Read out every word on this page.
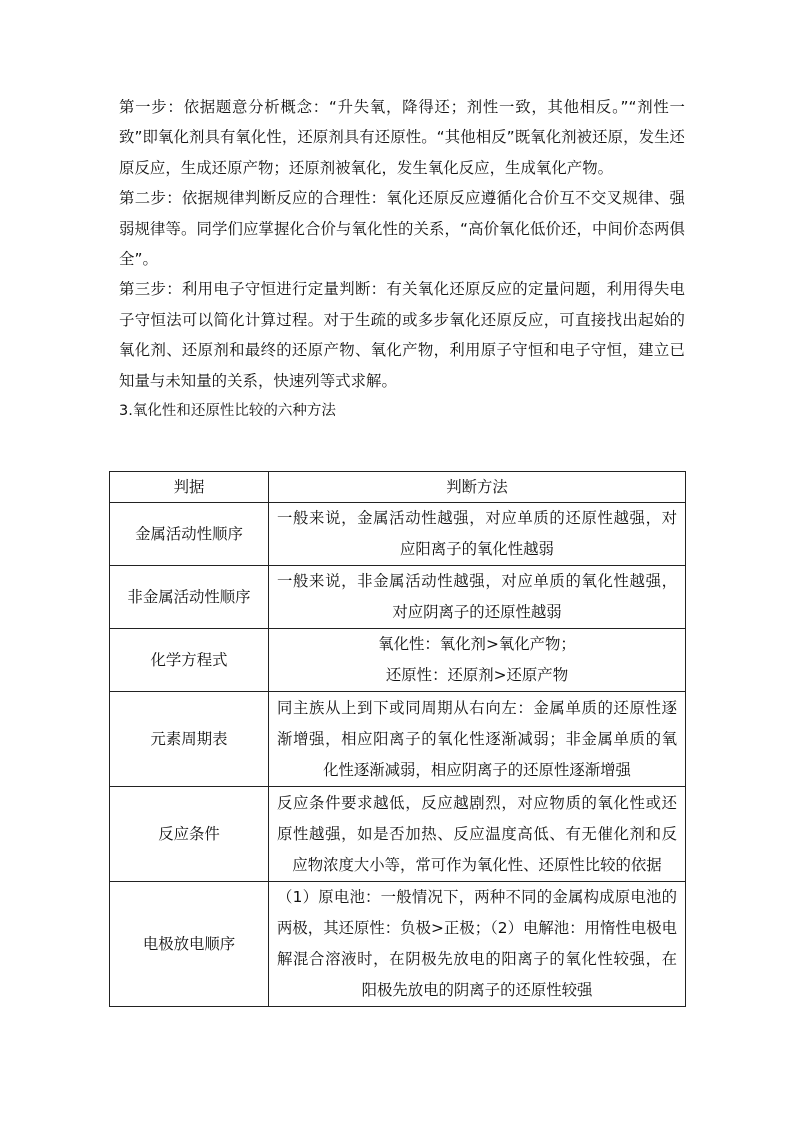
第一步：依据题意分析概念：“升失氧，降得还；剂性一致，其他相反。”“剂性一致”即氧化剂具有氧化性，还原剂具有还原性。“其他相反”既氧化剂被还原，发生还原反应，生成还原产物；还原剂被氧化，发生氧化反应，生成氧化产物。

第二步：依据规律判断反应的合理性：氧化还原反应遵循化合价互不交叉规律、强弱规律等。同学们应掌握化合价与氧化性的关系，“高价氧化低价还，中间价态两俱全”。

第三步：利用电子守恒进行定量判断：有关氧化还原反应的定量问题，利用得失电子守恒法可以简化计算过程。对于生疏的或多步氧化还原反应，可直接找出起始的氧化剂、还原剂和最终的还原产物、氧化产物，利用原子守恒和电子守恒，建立已知量与未知量的关系，快速列等式求解。

3.氧化性和还原性比较的六种方法

判据	判断方法
金属活动性顺序	一般来说，金属活动性越强，对应单质的还原性越强，对应阳离子的氧化性越弱
非金属活动性顺序	一般来说，非金属活动性越强，对应单质的氧化性越强，对应阴离子的还原性越弱
化学方程式	氧化性：氧化剂>氧化产物；
还原性：还原剂>还原产物

元素周期表	同主族从上到下或同周期从右向左：金属单质的还原性逐渐增强，相应阳离子的氧化性逐渐减弱；非金属单质的氧化性逐渐减弱，相应阴离子的还原性逐渐增强
反应条件	反应条件要求越低，反应越剧烈，对应物质的氧化性或还原性越强，如是否加热、反应温度高低、有无催化剂和反应物浓度大小等，常可作为氧化性、还原性比较的依据
电极放电顺序	（1）原电池：一般情况下，两种不同的金属构成原电池的两极，其还原性：负极>正极；（2）电解池：用惰性电极电解混合溶液时，在阴极先放电的阳离子的氧化性较强，在阳极先放电的阴离子的还原性较强
